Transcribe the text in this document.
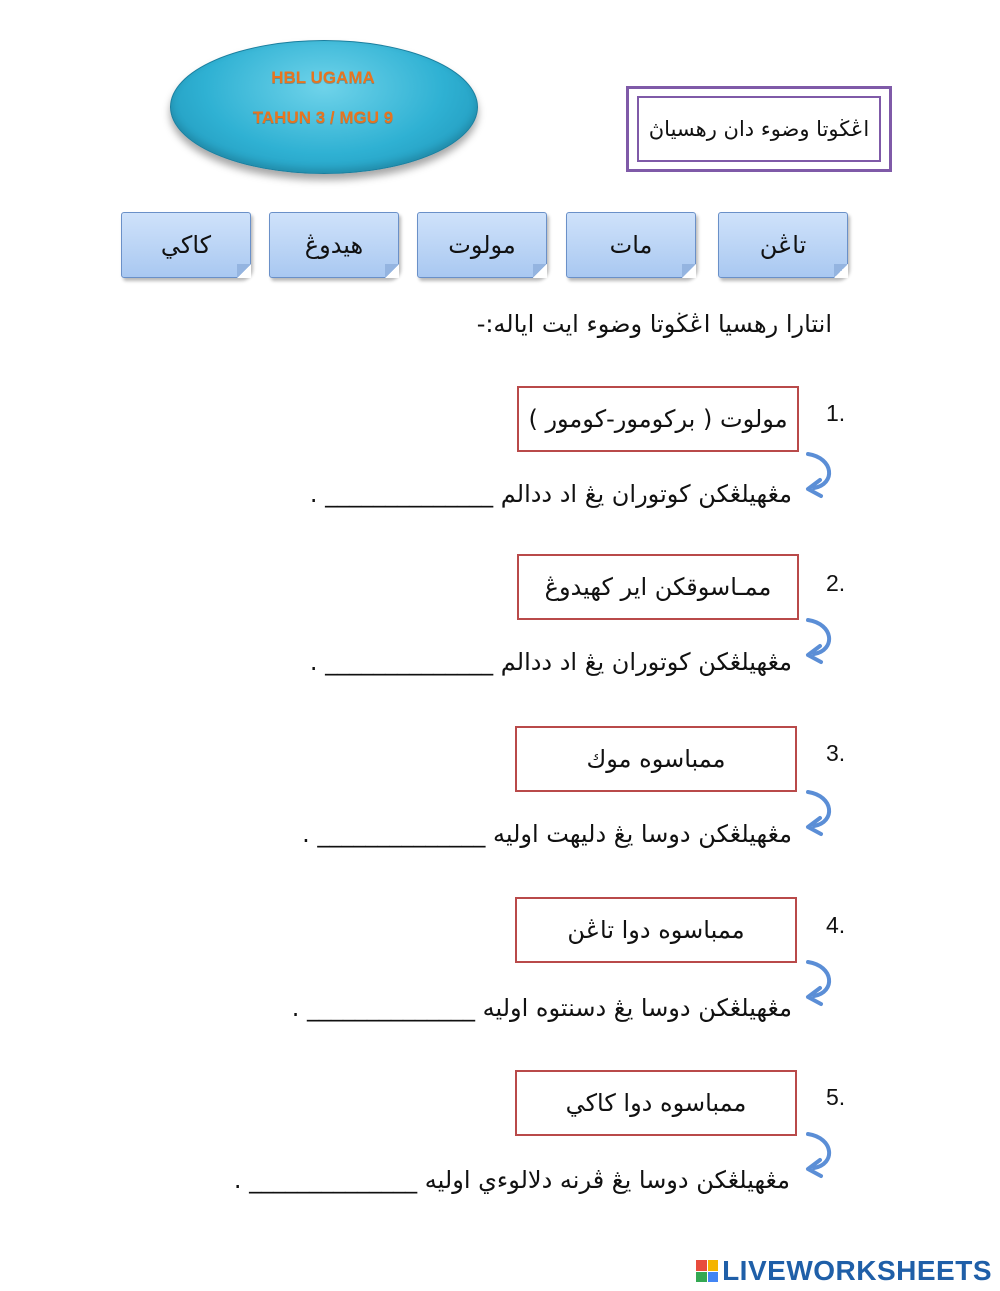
HBL UGAMA
TAHUN 3 / MGU 9	اڠڬوتا وضوء دان رهسياڽ
تاڠن
مات
مولوت
هيدوڠ
كاكي
انتارا رهسيا اڠڬوتا وضوء ايت اياله:-
1.
مولوت ( بركومور-كومور )
مڠهيلڠكن كوتوران يڠ اد ددالم ______________ .
2.
ممـاسوقكن اير كهيدوڠ
مڠهيلڠكن كوتوران يڠ اد ددالم ______________ .
3.
ممباسوه موك
مڠهيلڠكن دوسا يڠ دليهت اوليه ______________ .
4.
ممباسوه دوا تاڠن
مڠهيلڠكن دوسا يڠ دسنتوه اوليه ______________ .
5.
ممباسوه دوا كاكي
مڠهيلڠكن دوسا يڠ ڤرنه دلالوءي اوليه ______________ .
LIVEWORKSHEETS
